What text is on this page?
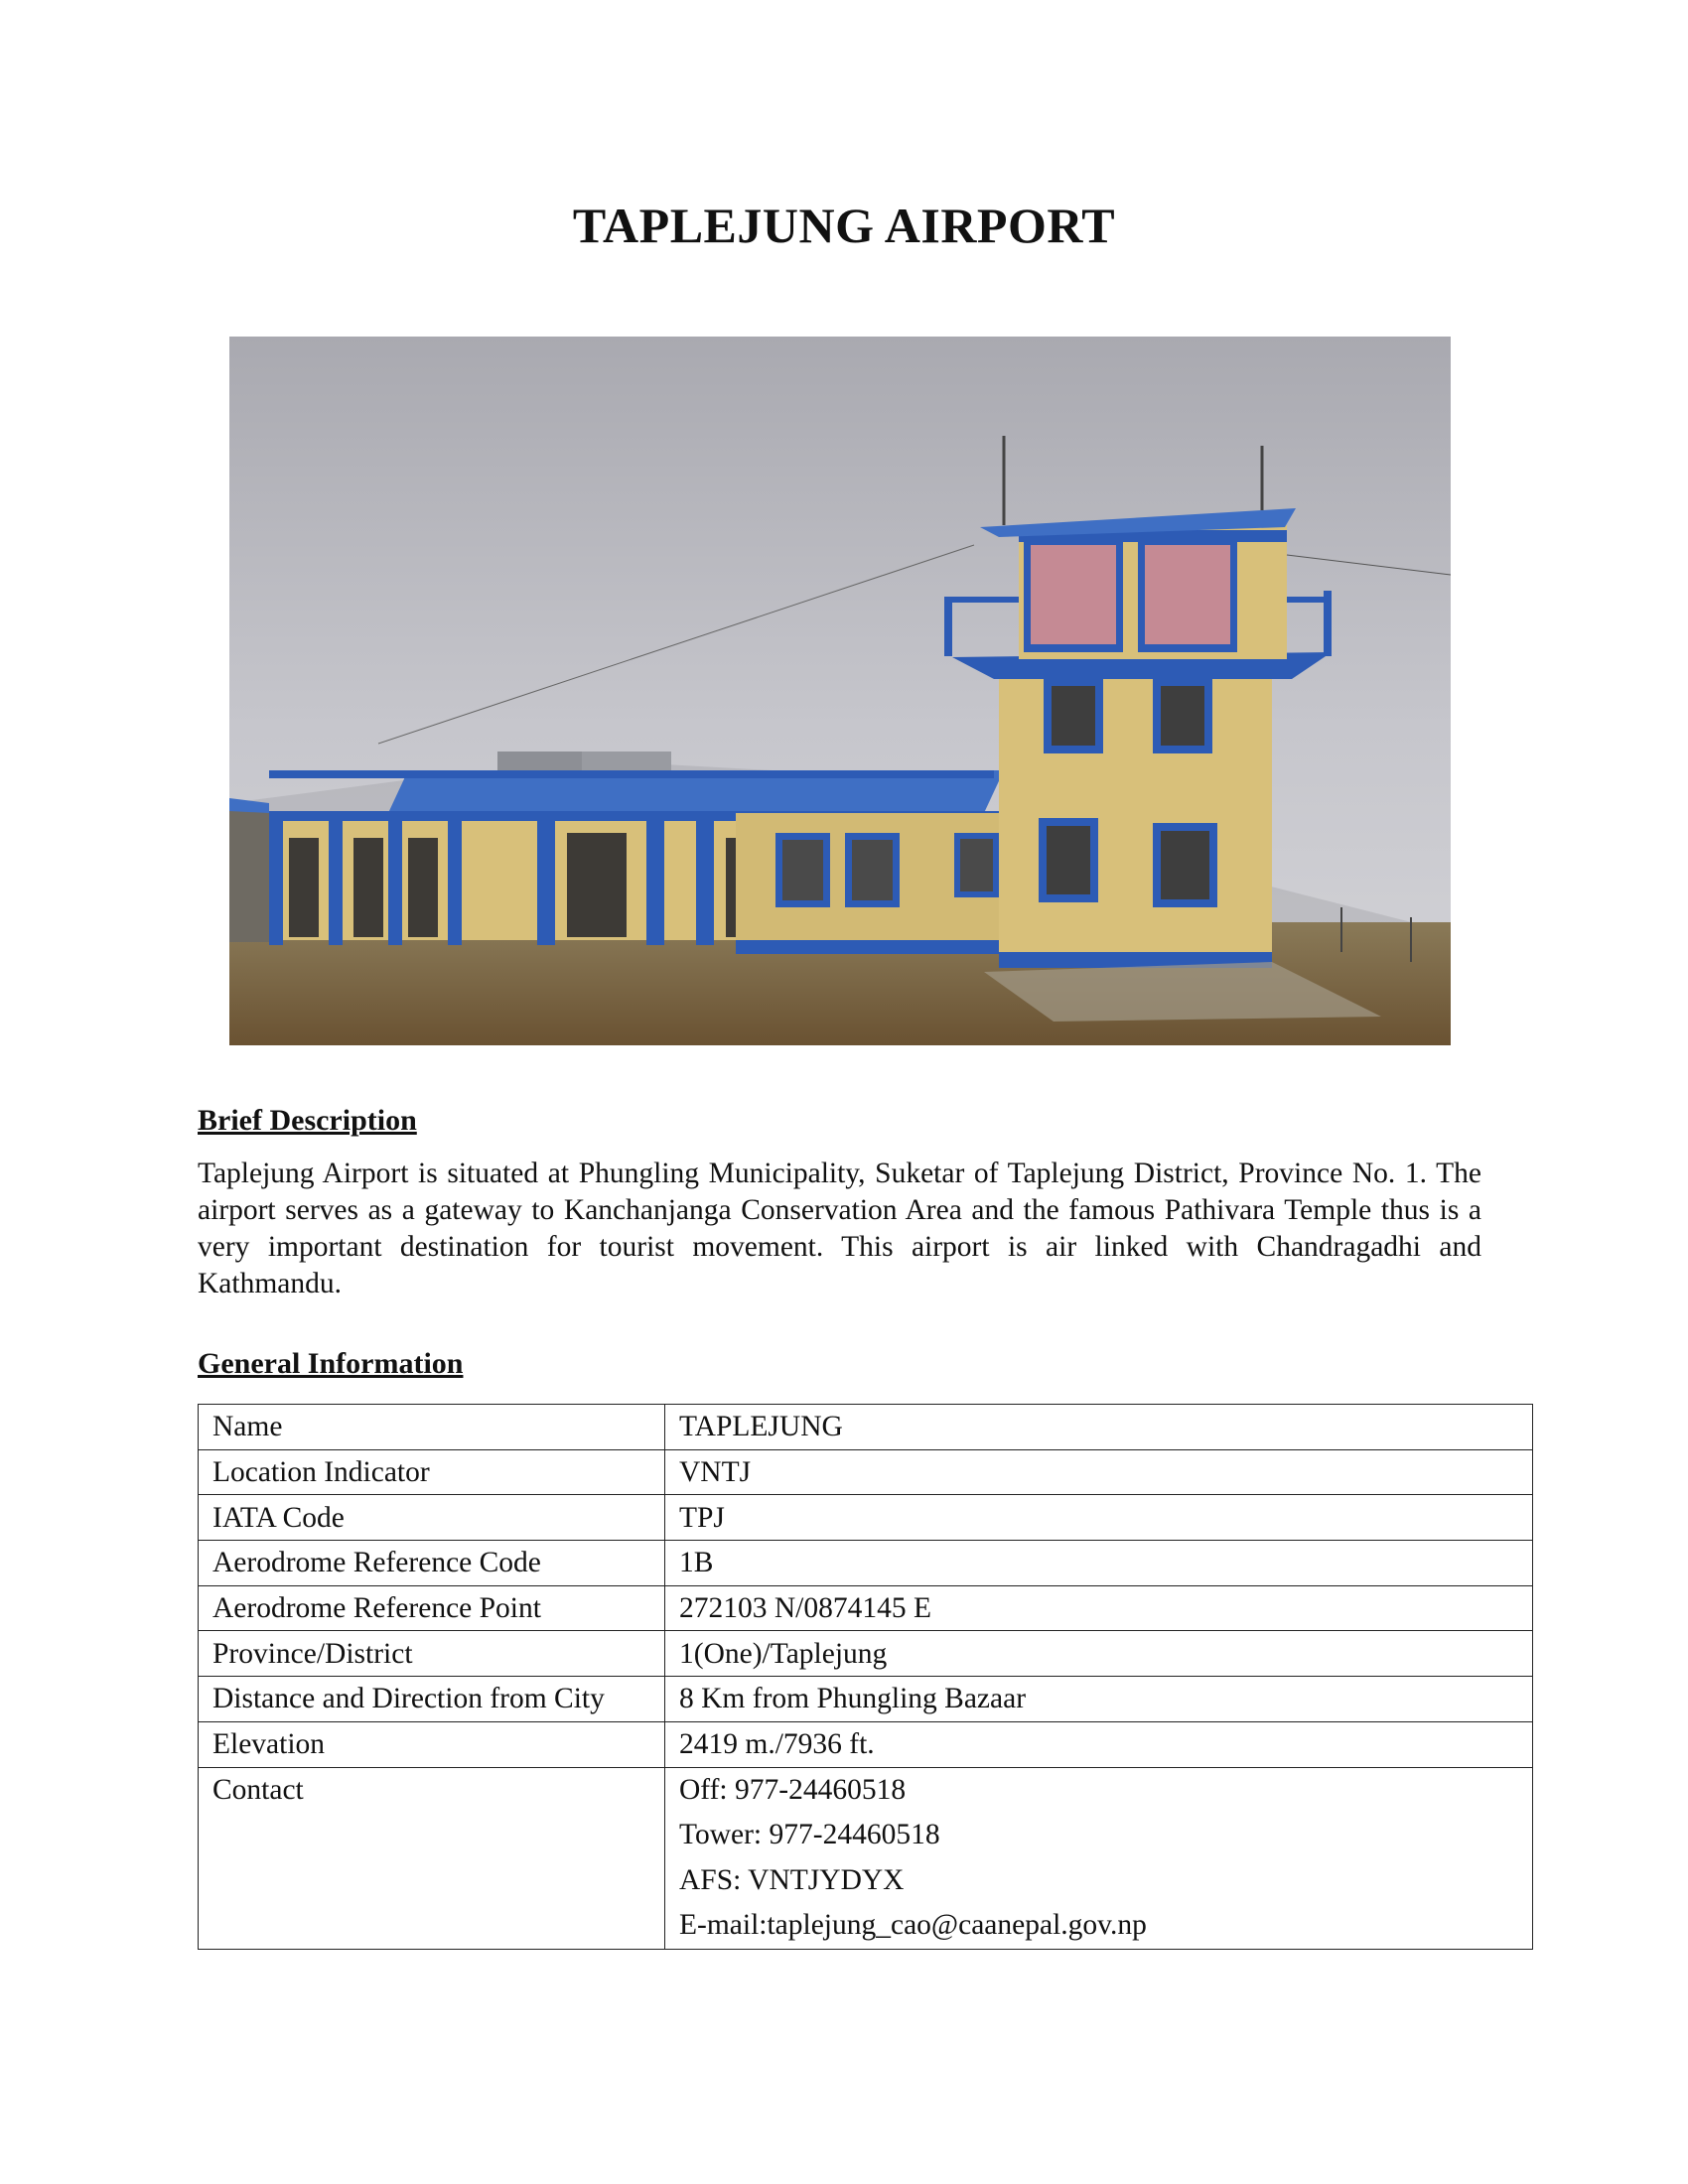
TAPLEJUNG AIRPORT
Brief Description

Taplejung Airport is situated at Phungling Municipality, Suketar of Taplejung District, Province No. 1. The airport serves as a gateway to Kanchanjanga Conservation Area and the famous Pathivara Temple thus is a very important destination for tourist movement. This airport is air linked with Chandragadhi and Kathmandu.

General Information
Name	TAPLEJUNG
Location Indicator	VNTJ
IATA Code	TPJ
Aerodrome Reference Code	1B
Aerodrome Reference Point	272103 N/0874145 E
Province/District	1(One)/Taplejung
Distance and Direction from City	8 Km from Phungling Bazaar
Elevation	2419 m./7936 ft.

Contact	Off: 977-24460518
Tower: 977-24460518
AFS: VNTJYDYX
E-mail:taplejung_cao@caanepal.gov.np
